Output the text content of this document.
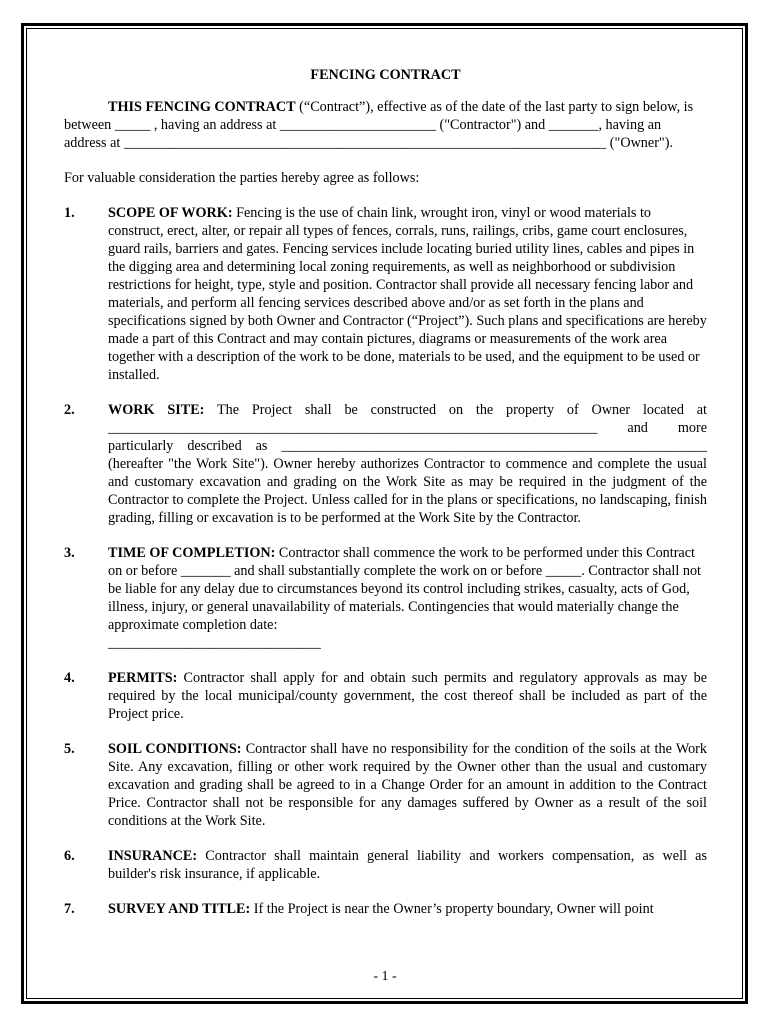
FENCING CONTRACT

THIS FENCING CONTRACT (“Contract”), effective as of the date of the last party to sign below, is between _____ , having an address at ______________________ ("Contractor") and _______, having an address at ____________________________________________________________________ ("Owner").

For valuable consideration the parties hereby agree as follows:

1.	SCOPE OF WORK: Fencing is the use of chain link, wrought iron, vinyl or wood materials to construct, erect, alter, or repair all types of fences, corrals, runs, railings, cribs, game court enclosures, guard rails, barriers and gates. Fencing services include locating buried utility lines, cables and pipes in the digging area and determining local zoning requirements, as well as neighborhood or subdivision restrictions for height, type, style and position. Contractor shall provide all necessary fencing labor and materials, and perform all fencing services described above and/or as set forth in the plans and specifications signed by both Owner and Contractor (“Project”). Such plans and specifications are hereby made a part of this Contract and may contain pictures, diagrams or measurements of the work area together with a description of the work to be done, materials to be used, and the equipment to be used or installed.
2.	WORK SITE: The Project shall be constructed on the property of Owner located at _____________________________________________________________________ and more particularly described as ____________________________________________________________ (hereafter "the Work Site"). Owner hereby authorizes Contractor to commence and complete the usual and customary excavation and grading on the Work Site as may be required in the judgment of the Contractor to complete the Project. Unless called for in the plans or specifications, no landscaping, finish grading, filling or excavation is to be performed at the Work Site by the Contractor.
3.	TIME OF COMPLETION: Contractor shall commence the work to be performed under this Contract on or before _______ and shall substantially complete the work on or before _____. Contractor shall not be liable for any delay due to circumstances beyond its control including strikes, casualty, acts of God, illness, injury, or general unavailability of materials. Contingencies that would materially change the approximate completion date:
______________________________
4.	PERMITS: Contractor shall apply for and obtain such permits and regulatory approvals as may be required by the local municipal/county government, the cost thereof shall be included as part of the Project price.
5.	SOIL CONDITIONS: Contractor shall have no responsibility for the condition of the soils at the Work Site. Any excavation, filling or other work required by the Owner other than the usual and customary excavation and grading shall be agreed to in a Change Order for an amount in addition to the Contract Price. Contractor shall not be responsible for any damages suffered by Owner as a result of the soil conditions at the Work Site.
6.	INSURANCE: Contractor shall maintain general liability and workers compensation, as well as builder's risk insurance, if applicable.
7.	SURVEY AND TITLE: If the Project is near the Owner’s property boundary, Owner will point
- 1 -
